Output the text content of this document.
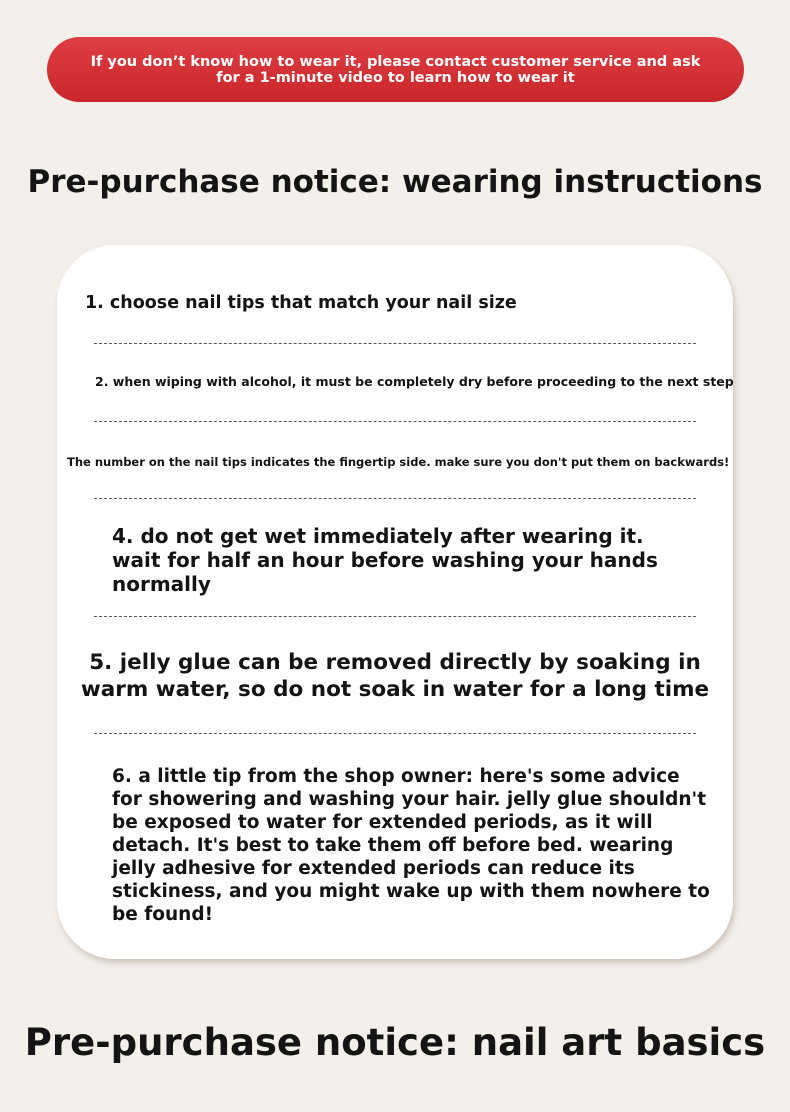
If you don’t know how to wear it, please contact customer service and ask for a 1-minute video to learn how to wear it
Pre-purchase notice: wearing instructions

1. choose nail tips that match your nail size

2. when wiping with alcohol, it must be completely dry before proceeding to the next step

The number on the nail tips indicates the fingertip side. make sure you don't put them on backwards!

4. do not get wet immediately after wearing it. wait for half an hour before washing your hands normally

5. jelly glue can be removed directly by soaking in warm water, so do not soak in water for a long time

6. a little tip from the shop owner: here's some advice for showering and washing your hair. jelly glue shouldn't be exposed to water for extended periods, as it will detach. It's best to take them off before bed. wearing jelly adhesive for extended periods can reduce its stickiness, and you might wake up with them nowhere to be found!

Pre-purchase notice: nail art basics
